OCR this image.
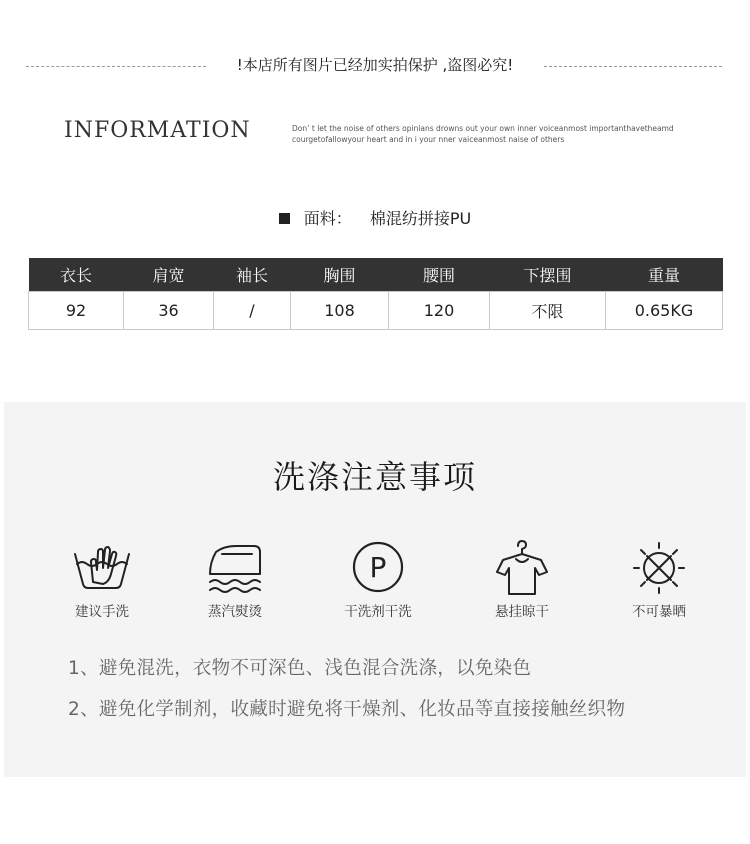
!本店所有图片已经加实拍保护 ,盗图必究!
INFORMATION	Don’ t let the noise of others opinians drowns out your own inner voiceanmost importanthavetheamd
courgetofallowyour heart and in i your nner vaiceanmost naise of others
面料： 棉混纺拼接PU
衣长	肩宽	袖长	胸围	腰围	下摆围	重量
92	36	/	108	120	不限	0.65KG
洗涤注意事项
建议手洗	蒸汽熨烫
P
干洗剂干洗	悬挂晾干	不可暴晒
1、避免混洗，衣物不可深色、浅色混合洗涤，以免染色
2、避免化学制剂，收藏时避免将干燥剂、化妆品等直接接触丝织物
